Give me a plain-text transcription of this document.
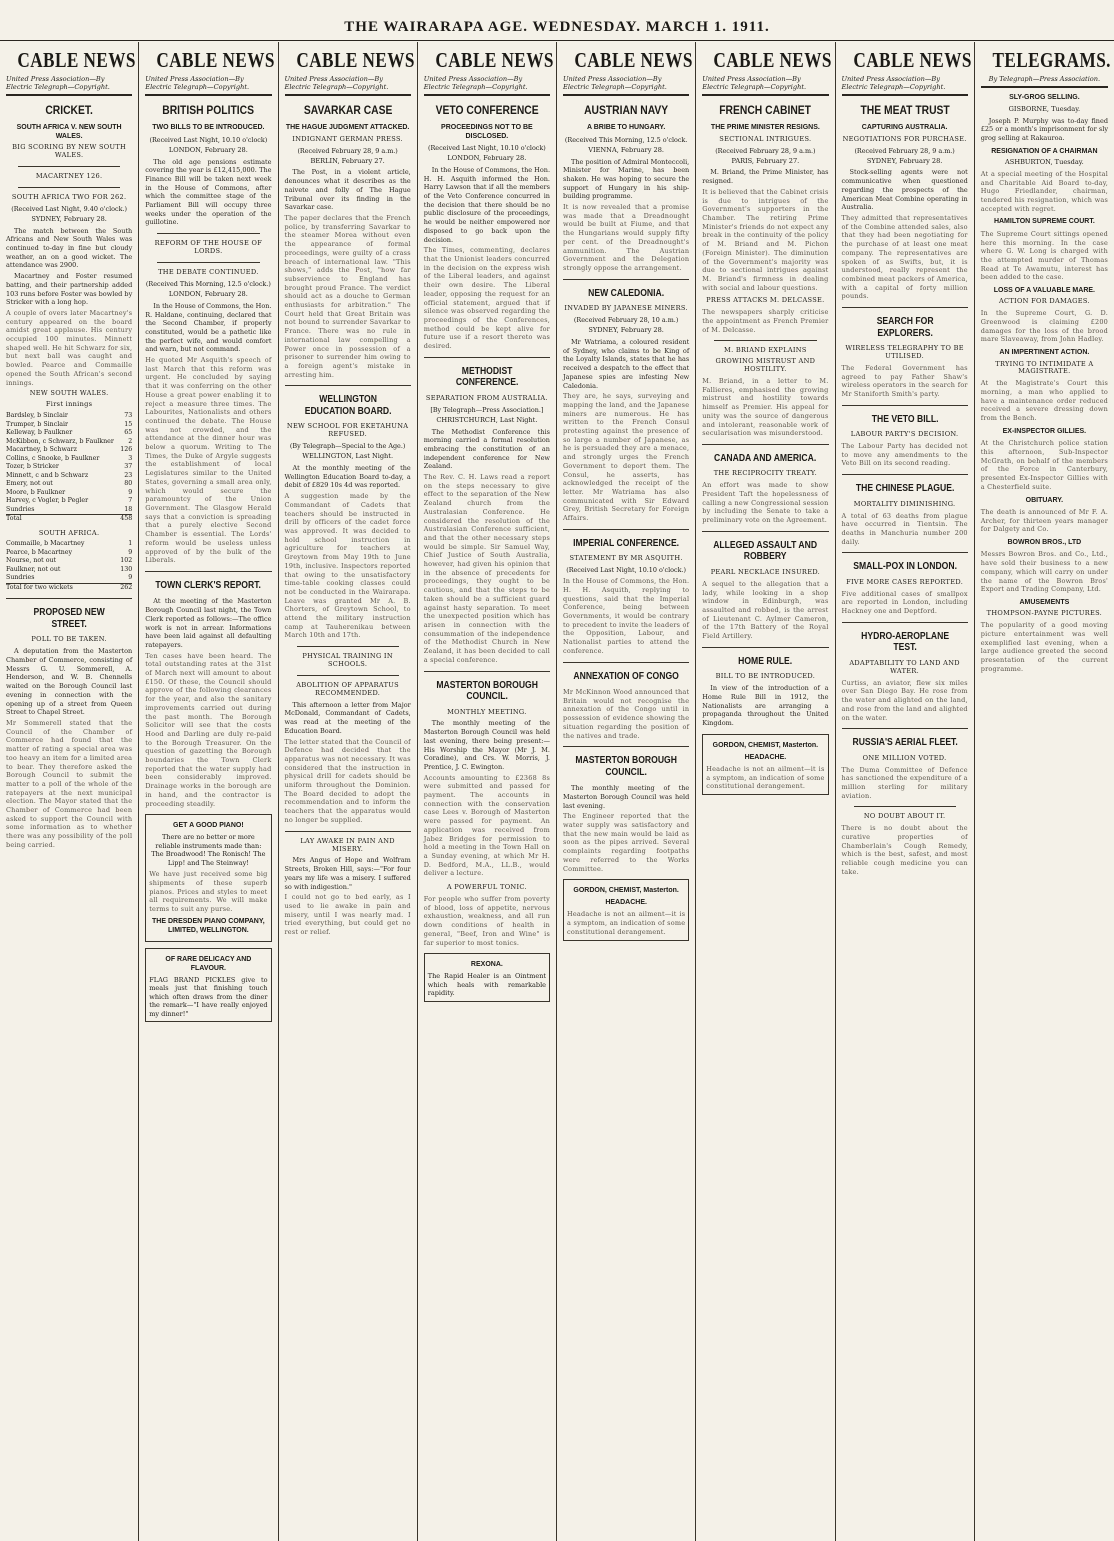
THE WAIRARAPA AGE. WEDNESDAY. MARCH 1. 1911.
CABLE NEWS
United Press Association—By Electric Telegraph—Copyright.
CRICKET.
SOUTH AFRICA V. NEW SOUTH WALES.
BIG SCORING BY NEW SOUTH WALES.
MACARTNEY 126.
SOUTH AFRICA TWO FOR 262.
(Received Last Night, 9.40 o'clock.)
SYDNEY, February 28.

The match between the South Africans and New South Wales was continued to-day in fine but cloudy weather, an on a good wicket. The attendance was 2900.

Macartney and Foster resumed batting, and their partnership added 103 runs before Foster was bowled by Stricker with a long hop.

A couple of overs later Macartney's century appeared on the board amidst great applause. His century occupied 100 minutes. Minnett shaped well. He hit Schwarz for six, but next ball was caught and bowled. Pearce and Commaille opened the South African's second innings.
NEW SOUTH WALES.
First innings
Bardsley, b Sinclair	73
Trumper, b Sinclair	15
Kelleway, b Faulkner	65
McKibbon, c Schwarz, b Faulkner 2
Macartney, b Schwarz	126
Collins, c Snooke, b Faulkner	3
Tozer, b Stricker	37
Minnett, c and b Schwarz	23
Emery, not out	80
Moore, b Faulkner	9
Harvey, c Vogler, b Pegler	7
Sundries	18
Total	458
SOUTH AFRICA.
Commaille, b Macartney	1
Pearce, b Macartney	9
Nourse, not out	102
Faulkner, not out	130
Sundries	9
Total for two wickets	262
PROPOSED NEW STREET.
POLL TO BE TAKEN.

A deputation from the Masterton Chamber of Commerce, consisting of Messrs G. U. Sommerell, A. Henderson, and W. B. Chennells waited on the Borough Council last evening in connection with the opening up of a street from Queen Street to Chapel Street.

Mr Sommerell stated that the Council of the Chamber of Commerce had found that the matter of rating a special area was too heavy an item for a limited area to bear. They therefore asked the Borough Council to submit the matter to a poll of the whole of the ratepayers at the next municipal election. The Mayor stated that the Chamber of Commerce had been asked to support the Council with some information as to whether there was any possibility of the poll being carried.
CABLE NEWS
United Press Association—By Electric Telegraph—Copyright.
BRITISH POLITICS
TWO BILLS TO BE INTRODUCED.
(Received Last Night, 10.10 o'clock)
LONDON, February 28.

The old age pensions estimate covering the year is £12,415,000. The Finance Bill will be taken next week in the House of Commons, after which the committee stage of the Parliament Bill will occupy three weeks under the operation of the guillotine.

REFORM OF THE HOUSE OF LORDS.
THE DEBATE CONTINUED.
(Received This Morning, 12.5 o'clock.)
LONDON, February 28.

In the House of Commons, the Hon. R. Haldane, continuing, declared that the Second Chamber, if properly constituted, would be a pathetic like the perfect wife, and would comfort and warn, but not command.

He quoted Mr Asquith's speech of last March that this reform was urgent. He concluded by saying that it was conferring on the other House a great power enabling it to reject a measure three times. The Labourites, Nationalists and others continued the debate. The House was not crowded, and the attendance at the dinner hour was below a quorum. Writing to The Times, the Duke of Argyle suggests the establishment of local Legislatures similar to the United States, governing a small area only, which would secure the paramountcy of the Union Government. The Glasgow Herald says that a conviction is spreading that a purely elective Second Chamber is essential. The Lords' reform would be useless unless approved of by the bulk of the Liberals.
TOWN CLERK'S REPORT.

At the meeting of the Masterton Borough Council last night, the Town Clerk reported as follows:—The office work is not in arrear. Informations have been laid against all defaulting ratepayers.

Ten cases have been heard. The total outstanding rates at the 31st of March next will amount to about £150. Of these, the Council should approve of the following clearances for the year, and also the sanitary improvements carried out during the past month. The Borough Solicitor will see that the costs Hood and Darling are duly re-paid to the Borough Treasurer. On the question of gazetting the Borough boundaries the Town Clerk reported that the water supply had been considerably improved. Drainage works in the borough are in hand, and the contractor is proceeding steadily.
GET A GOOD PIANO!
There are no better or more reliable instruments made than: The Broadwood! The Ronisch! The Lipp! and The Steinway!
We have just received some big shipments of these superb pianos. Prices and styles to meet all requirements. We will make terms to suit any purse.
THE DRESDEN PIANO COMPANY, LIMITED, WELLINGTON.
OF RARE DELICACY AND FLAVOUR.
FLAG BRAND PICKLES give to meals just that finishing touch which often draws from the diner the remark—"I have really enjoyed my dinner!"
CABLE NEWS
United Press Association—By Electric Telegraph—Copyright.
SAVARKAR CASE
THE HAGUE JUDGMENT ATTACKED.
INDIGNANT GERMAN PRESS.
(Received February 28, 9 a.m.)
BERLIN, February 27.

The Post, in a violent article, denounces what it describes as the naivete and folly of The Hague Tribunal over its finding in the Savarkar case.

The paper declares that the French police, by transferring Savarkar to the steamer Morea without even the appearance of formal proceedings, were guilty of a crass breach of international law. "This shows," adds the Post, "how far subservience to England has brought proud France. The verdict should act as a douche to German enthusiasts for arbitration." The Court held that Great Britain was not bound to surrender Savarkar to France. There was no rule in international law compelling a Power once in possession of a prisoner to surrender him owing to a foreign agent's mistake in arresting him.
WELLINGTON EDUCATION BOARD.
NEW SCHOOL FOR EKETAHUNA REFUSED.
(By Telegraph—Special to the Age.)
WELLINGTON, Last Night.

At the monthly meeting of the Wellington Education Board to-day, a debit of £829 10s 4d was reported.

A suggestion made by the Commandant of Cadets that teachers should be instructed in drill by officers of the cadet force was approved. It was decided to hold school instruction in agriculture for teachers at Greytown from May 19th to June 19th, inclusive. Inspectors reported that owing to the unsatisfactory time-table cooking classes could not be conducted in the Wairarapa. Leave was granted Mr A. B. Chorters, of Greytown School, to attend the military instruction camp at Tauherenikau between March 10th and 17th.
PHYSICAL TRAINING IN SCHOOLS.
ABOLITION OF APPARATUS RECOMMENDED.

This afternoon a letter from Major McDonald, Commandant of Cadets, was read at the meeting of the Education Board.

The letter stated that the Council of Defence had decided that the apparatus was not necessary. It was considered that the instruction in physical drill for cadets should be uniform throughout the Dominion. The Board decided to adopt the recommendation and to inform the teachers that the apparatus would no longer be supplied.
LAY AWAKE IN PAIN AND MISERY.

Mrs Angus of Hope and Wolfram Streets, Broken Hill, says:—"For four years my life was a misery. I suffered so with indigestion."

I could not go to bed early, as I used to lie awake in pain and misery, until I was nearly mad. I tried everything, but could get no rest or relief.
CABLE NEWS
United Press Association—By Electric Telegraph—Copyright.
VETO CONFERENCE
PROCEEDINGS NOT TO BE DISCLOSED.
(Received Last Night, 10.10 o'clock)
LONDON, February 28.

In the House of Commons, the Hon. H. H. Asquith informed the Hon. Harry Lawson that if all the members of the Veto Conference concurred in the decision that there should be no public disclosure of the proceedings, he would be neither empowered nor disposed to go back upon the decision.

The Times, commenting, declares that the Unionist leaders concurred in the decision on the express wish of the Liberal leaders, and against their own desire. The Liberal leader, opposing the request for an official statement, argued that if silence was observed regarding the proceedings of the Conferences, method could be kept alive for future use if a resort thereto was desired.
METHODIST CONFERENCE.
SEPARATION FROM AUSTRALIA.
[By Telegraph—Press Association.]
CHRISTCHURCH, Last Night.

The Methodist Conference this morning carried a formal resolution embracing the constitution of an independent conference for New Zealand.

The Rev. C. H. Laws read a report on the steps necessary to give effect to the separation of the New Zealand church from the Australasian Conference. He considered the resolution of the Australasian Conference sufficient, and that the other necessary steps would be simple. Sir Samuel Way, Chief Justice of South Australia, however, had given his opinion that in the absence of precedents for proceedings, they ought to be cautious, and that the steps to be taken should be a sufficient guard against hasty separation. To meet the unexpected position which has arisen in connection with the consummation of the independence of the Methodist Church in New Zealand, it has been decided to call a special conference.
MASTERTON BOROUGH COUNCIL.
MONTHLY MEETING.

The monthly meeting of the Masterton Borough Council was held last evening, there being present:—His Worship the Mayor (Mr J. M. Coradine), and Crs. W. Morris, J. Prentice, J. C. Ewington.

Accounts amounting to £2368 8s were submitted and passed for payment. The accounts in connection with the conservation case Lees v. Borough of Masterton were passed for payment. An application was received from Jabez Bridges for permission to hold a meeting in the Town Hall on a Sunday evening, at which Mr H. D. Bedford, M.A., LL.B., would deliver a lecture.
A POWERFUL TONIC.
For people who suffer from poverty of blood, loss of appetite, nervous exhaustion, weakness, and all run down conditions of health in general, "Beef, Iron and Wine" is far superior to most tonics.
REXONA.
The Rapid Healer is an Ointment which heals with remarkable rapidity.
CABLE NEWS
United Press Association—By Electric Telegraph—Copyright.
AUSTRIAN NAVY
A BRIBE TO HUNGARY.
(Received This Morning, 12.5 o'clock.
VIENNA, February 28.

The position of Admiral Monteccoli, Minister for Marine, has been shaken. He was hoping to secure the support of Hungary in his ship-building programme.

It is now revealed that a promise was made that a Dreadnought would be built at Fiume, and that the Hungarians would supply fifty per cent. of the Dreadnought's ammunition. The Austrian Government and the Delegation strongly oppose the arrangement.
NEW CALEDONIA.
INVADED BY JAPANESE MINERS.
(Received February 28, 10 a.m.)
SYDNEY, February 28.

Mr Watriama, a coloured resident of Sydney, who claims to be King of the Loyalty Islands, states that he has received a despatch to the effect that Japanese spies are infesting New Caledonia.

They are, he says, surveying and mapping the land, and the Japanese miners are numerous. He has written to the French Consul protesting against the presence of so large a number of Japanese, as he is persuaded they are a menace, and strongly urges the French Government to deport them. The Consul, he asserts, has acknowledged the receipt of the letter. Mr Watriama has also communicated with Sir Edward Grey, British Secretary for Foreign Affairs.
IMPERIAL CONFERENCE.
STATEMENT BY MR ASQUITH.
(Received Last Night, 10.10 o'clock.)
In the House of Commons, the Hon. H. H. Asquith, replying to questions, said that the Imperial Conference, being between Governments, it would be contrary to precedent to invite the leaders of the Opposition, Labour, and Nationalist parties to attend the conference.
ANNEXATION OF CONGO
Mr McKinnon Wood announced that Britain would not recognise the annexation of the Congo until in possession of evidence showing the situation regarding the position of the natives and trade.
MASTERTON BOROUGH COUNCIL.

The monthly meeting of the Masterton Borough Council was held last evening.

The Engineer reported that the water supply was satisfactory and that the new main would be laid as soon as the pipes arrived. Several complaints regarding footpaths were referred to the Works Committee.
GORDON, CHEMIST, Masterton.
HEADACHE.
Headache is not an ailment—it is a symptom, an indication of some constitutional derangement.
CABLE NEWS
United Press Association—By Electric Telegraph—Copyright.
FRENCH CABINET
THE PRIME MINISTER RESIGNS.
SECTIONAL INTRIGUES.
(Received February 28, 9 a.m.)
PARIS, February 27.

M. Briand, the Prime Minister, has resigned.

It is believed that the Cabinet crisis is due to intrigues of the Government's supporters in the Chamber. The retiring Prime Minister's friends do not expect any break in the continuity of the policy of M. Briand and M. Pichon (Foreign Minister). The diminution of the Government's majority was due to sectional intrigues against M. Briand's firmness in dealing with social and labour questions.
PRESS ATTACKS M. DELCASSE.
The newspapers sharply criticise the appointment as French Premier of M. Delcasse.
M. BRIAND EXPLAINS
GROWING MISTRUST AND HOSTILITY.
M. Briand, in a letter to M. Fallieres, emphasised the growing mistrust and hostility towards himself as Premier. His appeal for unity was the source of dangerous and intolerant, reasonable work of secularisation was misunderstood.
CANADA AND AMERICA.
THE RECIPROCITY TREATY.
An effort was made to show President Taft the hopelessness of calling a new Congressional session by including the Senate to take a preliminary vote on the Agreement.
ALLEGED ASSAULT AND ROBBERY
PEARL NECKLACE INSURED.
A sequel to the allegation that a lady, while looking in a shop window in Edinburgh, was assaulted and robbed, is the arrest of Lieutenant C. Aylmer Cameron, of the 17th Battery of the Royal Field Artillery.
HOME RULE.
BILL TO BE INTRODUCED.

In view of the introduction of a Home Rule Bill in 1912, the Nationalists are arranging a propaganda throughout the United Kingdom.

GORDON, CHEMIST, Masterton.
HEADACHE.
Headache is not an ailment—it is a symptom, an indication of some constitutional derangement.
CABLE NEWS
United Press Association—By Electric Telegraph—Copyright.
THE MEAT TRUST
CAPTURING AUSTRALIA.
NEGOTIATIONS FOR PURCHASE.
(Received February 28, 9 a.m.)
SYDNEY, February 28.

Stock-selling agents were not communicative when questioned regarding the prospects of the American Meat Combine operating in Australia.

They admitted that representatives of the Combine attended sales, also that they had been negotiating for the purchase of at least one meat company. The representatives are spoken of as Swifts, but, it is understood, really represent the combined meat packers of America, with a capital of forty million pounds.
SEARCH FOR EXPLORERS.
WIRELESS TELEGRAPHY TO BE UTILISED.
The Federal Government has agreed to pay Father Shaw's wireless operators in the search for Mr Staniforth Smith's party.
THE VETO BILL.
LABOUR PARTY'S DECISION.
The Labour Party has decided not to move any amendments to the Veto Bill on its second reading.
THE CHINESE PLAGUE.
MORTALITY DIMINISHING.
A total of 63 deaths from plague have occurred in Tientsin. The deaths in Manchuria number 200 daily.
SMALL-POX IN LONDON.
FIVE MORE CASES REPORTED.
Five additional cases of smallpox are reported in London, including Hackney one and Deptford.
HYDRO-AEROPLANE TEST.
ADAPTABILITY TO LAND AND WATER.
Curtiss, an aviator, flew six miles over San Diego Bay. He rose from the water and alighted on the land, and rose from the land and alighted on the water.
RUSSIA'S AERIAL FLEET.
ONE MILLION VOTED.
The Duma Committee of Defence has sanctioned the expenditure of a million sterling for military aviation.
NO DOUBT ABOUT IT.
There is no doubt about the curative properties of Chamberlain's Cough Remedy, which is the best, safest, and most reliable cough medicine you can take.
TELEGRAMS.
By Telegraph—Press Association.
SLY-GROG SELLING.
GISBORNE, Tuesday.

Joseph P. Murphy was to-day fined £25 or a month's imprisonment for sly grog selling at Rakauroa.

RESIGNATION OF A CHAIRMAN
ASHBURTON, Tuesday.
At a special meeting of the Hospital and Charitable Aid Board to-day, Hugo Friedlander, chairman, tendered his resignation, which was accepted with regret.
HAMILTON SUPREME COURT.
The Supreme Court sittings opened here this morning. In the case where G. W. Long is charged with the attempted murder of Thomas Read at Te Awamutu, interest has been added to the case.
LOSS OF A VALUABLE MARE.
ACTION FOR DAMAGES.
In the Supreme Court, G. D. Greenwood is claiming £200 damages for the loss of the brood mare Slaveaway, from John Hadley.
AN IMPERTINENT ACTION.
TRYING TO INTIMIDATE A MAGISTRATE.
At the Magistrate's Court this morning, a man who applied to have a maintenance order reduced received a severe dressing down from the Bench.
EX-INSPECTOR GILLIES.
At the Christchurch police station this afternoon, Sub-Inspector McGrath, on behalf of the members of the Force in Canterbury, presented Ex-Inspector Gillies with a Chesterfield suite.
OBITUARY.
The death is announced of Mr F. A. Archer, for thirteen years manager for Dalgety and Co.
BOWRON BROS., LTD
Messrs Bowron Bros. and Co., Ltd., have sold their business to a new company, which will carry on under the name of the Bowron Bros' Export and Trading Company, Ltd.
AMUSEMENTS
THOMPSON-PAYNE PICTURES.
The popularity of a good moving picture entertainment was well exemplified last evening, when a large audience greeted the second presentation of the current programme.
